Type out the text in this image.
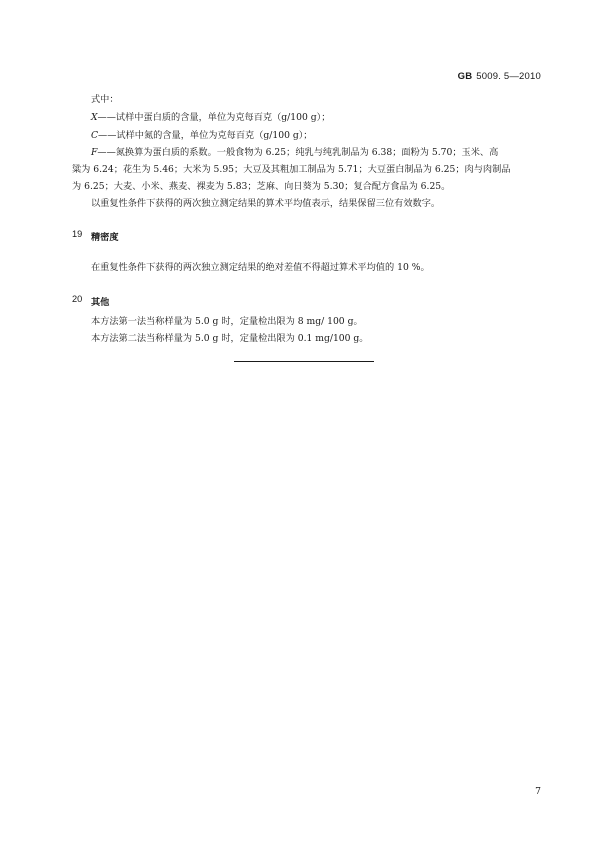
GB 5009. 5—2010
式中：
X——试样中蛋白质的含量，单位为克每百克（g/100 g）；
C——试样中氮的含量，单位为克每百克（g/100 g）；
F——氮换算为蛋白质的系数。一般食物为 6.25；纯乳与纯乳制品为 6.38；面粉为 5.70；玉米、高
粱为 6.24；花生为 5.46；大米为 5.95；大豆及其粗加工制品为 5.71；大豆蛋白制品为 6.25；肉与肉制品
为 6.25；大麦、小米、燕麦、裸麦为 5.83；芝麻、向日葵为 5.30；复合配方食品为 6.25。
以重复性条件下获得的两次独立测定结果的算术平均值表示，结果保留三位有效数字。
19 精密度
在重复性条件下获得的两次独立测定结果的绝对差值不得超过算术平均值的 10 %。
20 其他
本方法第一法当称样量为 5.0 g 时，定量检出限为 8 mg/ 100 g。
本方法第二法当称样量为 5.0 g 时，定量检出限为 0.1 mg/100 g。
7
